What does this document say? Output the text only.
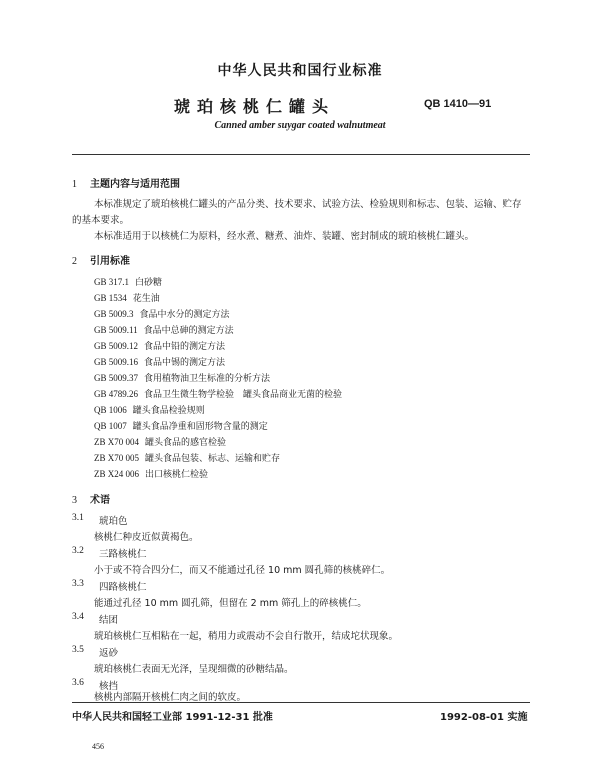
中华人民共和国行业标准
琥珀核桃仁罐头	QB 1410—91
Canned amber suygar coated walnutmeat
1 主题内容与适用范围
本标准规定了琥珀核桃仁罐头的产品分类、技术要求、试验方法、检验规则和标志、包装、运输、贮存
的基本要求。
本标准适用于以核桃仁为原料，经水煮、糖煮、油炸、装罐、密封制成的琥珀核桃仁罐头。
2 引用标准
GB 317.1 白砂糖
GB 1534 花生油
GB 5009.3 食品中水分的测定方法
GB 5009.11 食品中总砷的测定方法
GB 5009.12 食品中铅的测定方法
GB 5009.16 食品中锡的测定方法
GB 5009.37 食用植物油卫生标准的分析方法
GB 4789.26 食品卫生微生物学检验　罐头食品商业无菌的检验
QB 1006 罐头食品检验规则
QB 1007 罐头食品净重和固形物含量的测定
ZB X70 004 罐头食品的感官检验
ZB X70 005 罐头食品包装、标志、运输和贮存
ZB X24 006 出口核桃仁检验
3 术语
3.1 琥珀色
核桃仁种皮近似黄褐色。
3.2 三路核桃仁
小于或不符合四分仁，而又不能通过孔径 10 mm 圆孔筛的核桃碎仁。
3.3 四路核桃仁
能通过孔径 10 mm 圆孔筛，但留在 2 mm 筛孔上的碎核桃仁。
3.4 结团
琥珀核桃仁互相粘在一起，稍用力或震动不会自行散开，结成坨状现象。
3.5 返砂
琥珀核桃仁表面无光泽，呈现细微的砂糖结晶。
3.6 核挡
核桃内部隔开核桃仁肉之间的软皮。
中华人民共和国轻工业部 1991-12-31 批准	1992-08-01 实施
456
